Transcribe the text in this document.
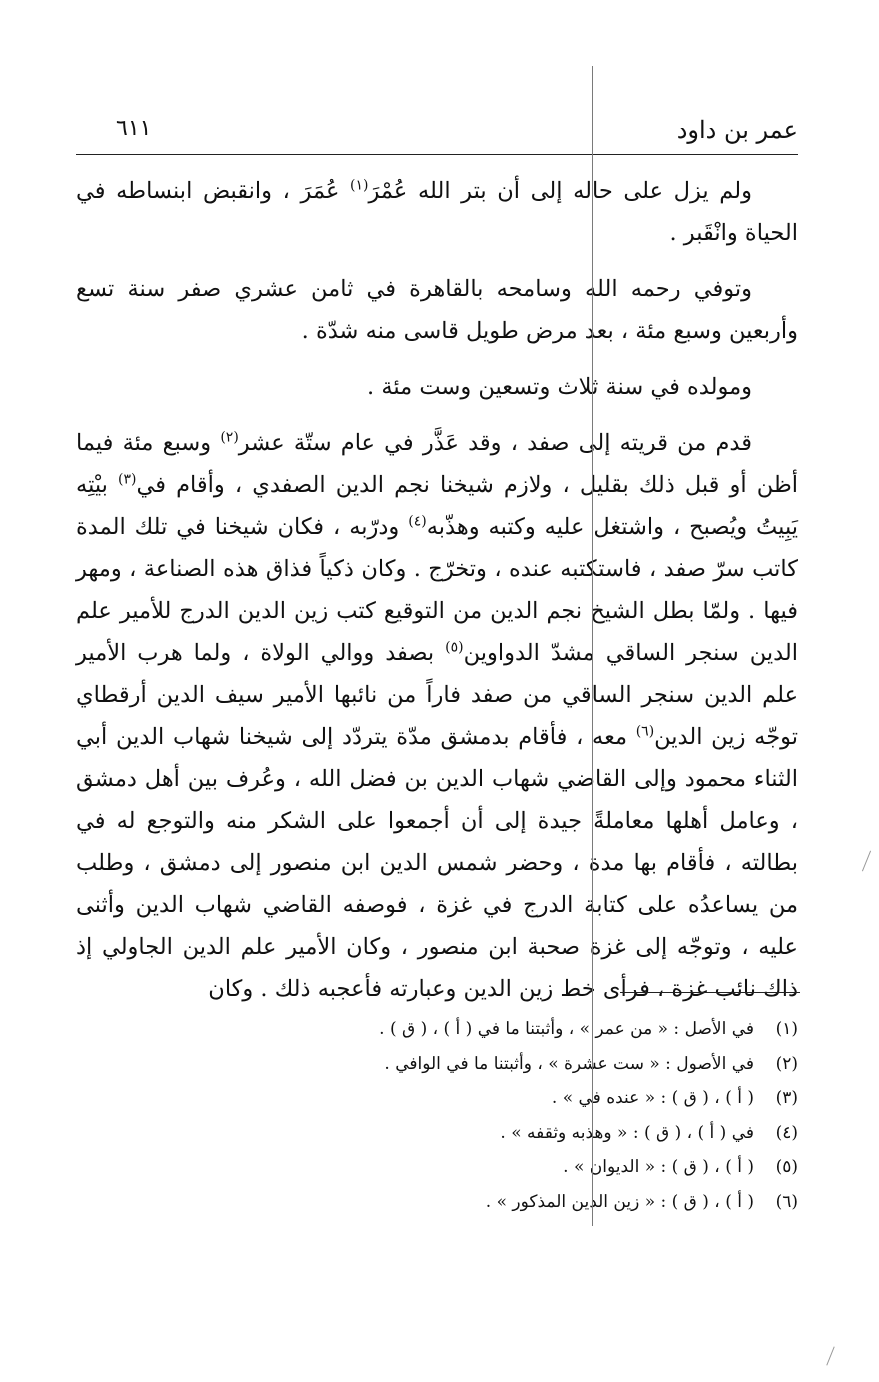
عمر بن داود
٦١١

ولم يزل على حاله إلى أن بتر الله عُمْرَ$^{(١)}$ عُمَرَ ، وانقبض ابنساطه في الحياة وانْقَبر .

وتوفي رحمه الله وسامحه بالقاهرة في ثامن عشري صفر سنة تسع وأربعين وسبع مئة ، بعد مرض طويل قاسى منه شدّة .

ومولده في سنة ثلاث وتسعين وست مئة .

قدم من قريته إلى صفد ، وقد عَذَّر في عام ستّة عشر$^{(٢)}$ وسبع مئة فيما أظن أو قبل ذلك بقليل ، ولازم شيخنا نجم الدين الصفدي ، وأقام في$^{(٣)}$ بيْتِه يَبِيتُ ويُصبح ، واشتغل عليه وكتبه وهذّبه$^{(٤)}$ ودرّبه ، فكان شيخنا في تلك المدة كاتب سرّ صفد ، فاستكتبه عنده ، وتخرّج . وكان ذكياً فذاق هذه الصناعة ، ومهر فيها . ولمّا بطل الشيخ نجم الدين من التوقيع كتب زين الدين الدرج للأمير علم الدين سنجر الساقي مشدّ الدواوين$^{(٥)}$ بصفد ووالي الولاة ، ولما هرب الأمير علم الدين سنجر الساقي من صفد فاراً من نائبها الأمير سيف الدين أرقطاي توجّه زين الدين$^{(٦)}$ معه ، فأقام بدمشق مدّة يتردّد إلى شيخنا شهاب الدين أبي الثناء محمود وإلى القاضي شهاب الدين بن فضل الله ، وعُرف بين أهل دمشق ، وعامل أهلها معاملةً جيدة إلى أن أجمعوا على الشكر منه والتوجع له في بطالته ، فأقام بها مدة ، وحضر شمس الدين ابن منصور إلى دمشق ، وطلب من يساعدُه على كتابة الدرج في غزة ، فوصفه القاضي شهاب الدين وأثنى عليه ، وتوجّه إلى غزة صحبة ابن منصور ، وكان الأمير علم الدين الجاولي إذ ذاك نائب غزة ، فرأى خط زين الدين وعبارته فأعجبه ذلك . وكان

(١)
في الأصل : « من عمر » ، وأثبتنا ما في ( أ ) ، ( ق ) .
(٢)
في الأصول : « ست عشرة » ، وأثبتنا ما في الوافي .
(٣)
( أ ) ، ( ق ) : « عنده في » .
(٤)
في ( أ ) ، ( ق ) : « وهذبه وثقفه » .
(٥)
( أ ) ، ( ق ) : « الديوان » .
(٦)
( أ ) ، ( ق ) : « زين الدين المذكور » .
